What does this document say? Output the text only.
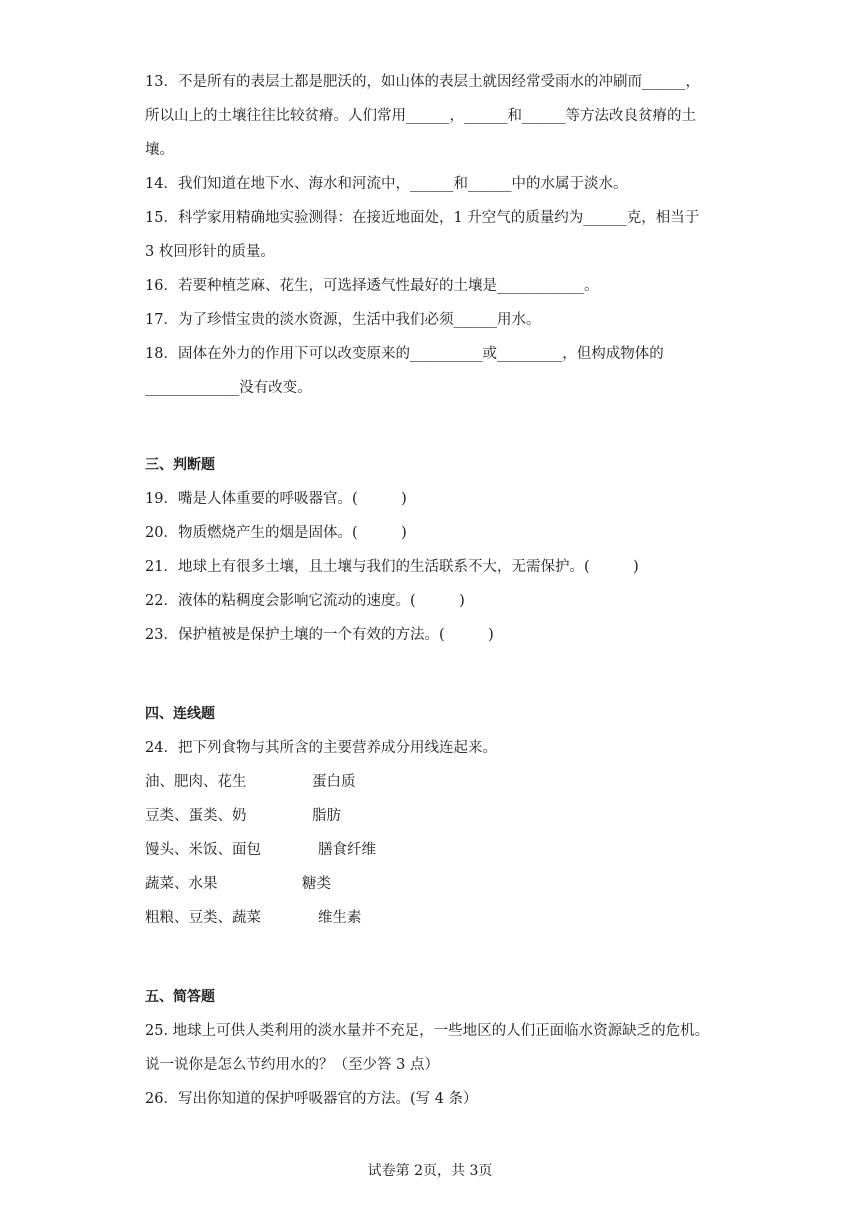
13．不是所有的表层土都是肥沃的，如山体的表层土就因经常受雨水的冲刷而______，
所以山上的土壤往往比较贫瘠。人们常用______，______和______等方法改良贫瘠的土
壤。
14．我们知道在地下水、海水和河流中，______和______中的水属于淡水。
15．科学家用精确地实验测得：在接近地面处，1 升空气的质量约为______克，相当于
3 枚回形针的质量。
16．若要种植芝麻、花生，可选择透气性最好的土壤是____________。
17．为了珍惜宝贵的淡水资源，生活中我们必须______用水。
18．固体在外力的作用下可以改变原来的__________或_________，但构成物体的
_____________没有改变。
三、判断题
19．嘴是人体重要的呼吸器官。(　　　)
20．物质燃烧产生的烟是固体。(　　　)
21．地球上有很多土壤，且土壤与我们的生活联系不大，无需保护。(　　　)
22．液体的粘稠度会影响它流动的速度。(　　　)
23．保护植被是保护土壤的一个有效的方法。(　　　)
四、连线题
24．把下列食物与其所含的主要营养成分用线连起来。
油、肥肉、花生	蛋白质
豆类、蛋类、奶	脂肪
馒头、米饭、面包	膳食纤维
蔬菜、水果	糖类
粗粮、豆类、蔬菜	维生素
五、简答题
25. 地球上可供人类利用的淡水量并不充足，一些地区的人们正面临水资源缺乏的危机。
说一说你是怎么节约用水的？（至少答 3 点）
26．写出你知道的保护呼吸器官的方法。(写 4 条）
试卷第 2页，共 3页
